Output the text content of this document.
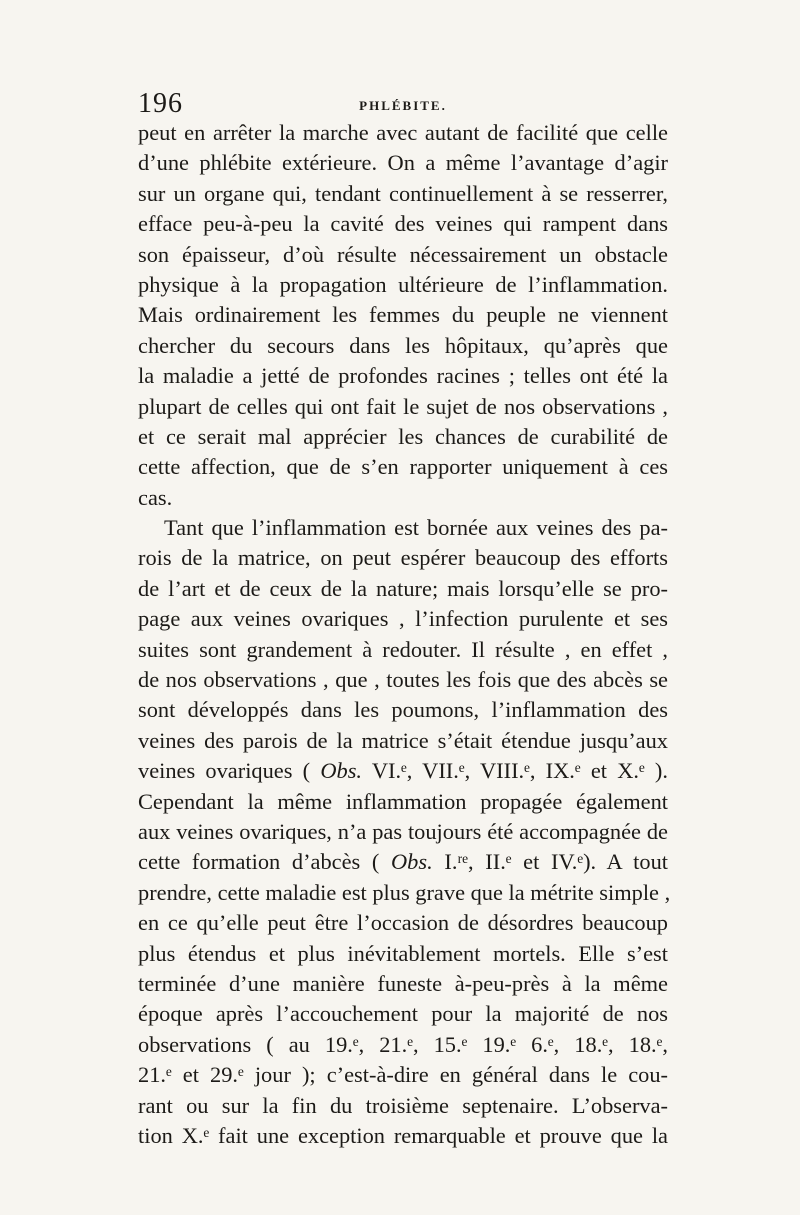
196	PHLÉBITE.
peut en arrêter la marche avec autant de facilité que celle
d’une phlébite extérieure. On a même l’avantage d’agir
sur un organe qui, tendant continuellement à se resserrer,
efface peu-à-peu la cavité des veines qui rampent dans
son épaisseur, d’où résulte nécessairement un obstacle
physique à la propagation ultérieure de l’inflammation.
Mais ordinairement les femmes du peuple ne viennent
chercher du secours dans les hôpitaux, qu’après que
la maladie a jetté de profondes racines ; telles ont été la
plupart de celles qui ont fait le sujet de nos observations ,
et ce serait mal apprécier les chances de curabilité de
cette affection, que de s’en rapporter uniquement à ces
cas.
Tant que l’inflammation est bornée aux veines des pa-
rois de la matrice, on peut espérer beaucoup des efforts
de l’art et de ceux de la nature; mais lorsqu’elle se pro-
page aux veines ovariques , l’infection purulente et ses
suites sont grandement à redouter. Il résulte , en effet ,
de nos observations , que , toutes les fois que des abcès se
sont développés dans les poumons, l’inflammation des
veines des parois de la matrice s’était étendue jusqu’aux
veines ovariques ( Obs. VI.ᵉ, VII.ᵉ, VIII.ᵉ, IX.ᵉ et X.ᵉ ).
Cependant la même inflammation propagée également
aux veines ovariques, n’a pas toujours été accompagnée de
cette formation d’abcès ( Obs. I.ʳᵉ, II.ᵉ et IV.ᵉ). A tout
prendre, cette maladie est plus grave que la métrite simple ,
en ce qu’elle peut être l’occasion de désordres beaucoup
plus étendus et plus inévitablement mortels. Elle s’est
terminée d’une manière funeste à-peu-près à la même
époque après l’accouchement pour la majorité de nos
observations ( au 19.ᵉ, 21.ᵉ, 15.ᵉ 19.ᵉ 6.ᵉ, 18.ᵉ, 18.ᵉ,
21.ᵉ et 29.ᵉ jour ); c’est-à-dire en général dans le cou-
rant ou sur la fin du troisième septenaire. L’observa-
tion X.ᵉ fait une exception remarquable et prouve que la
